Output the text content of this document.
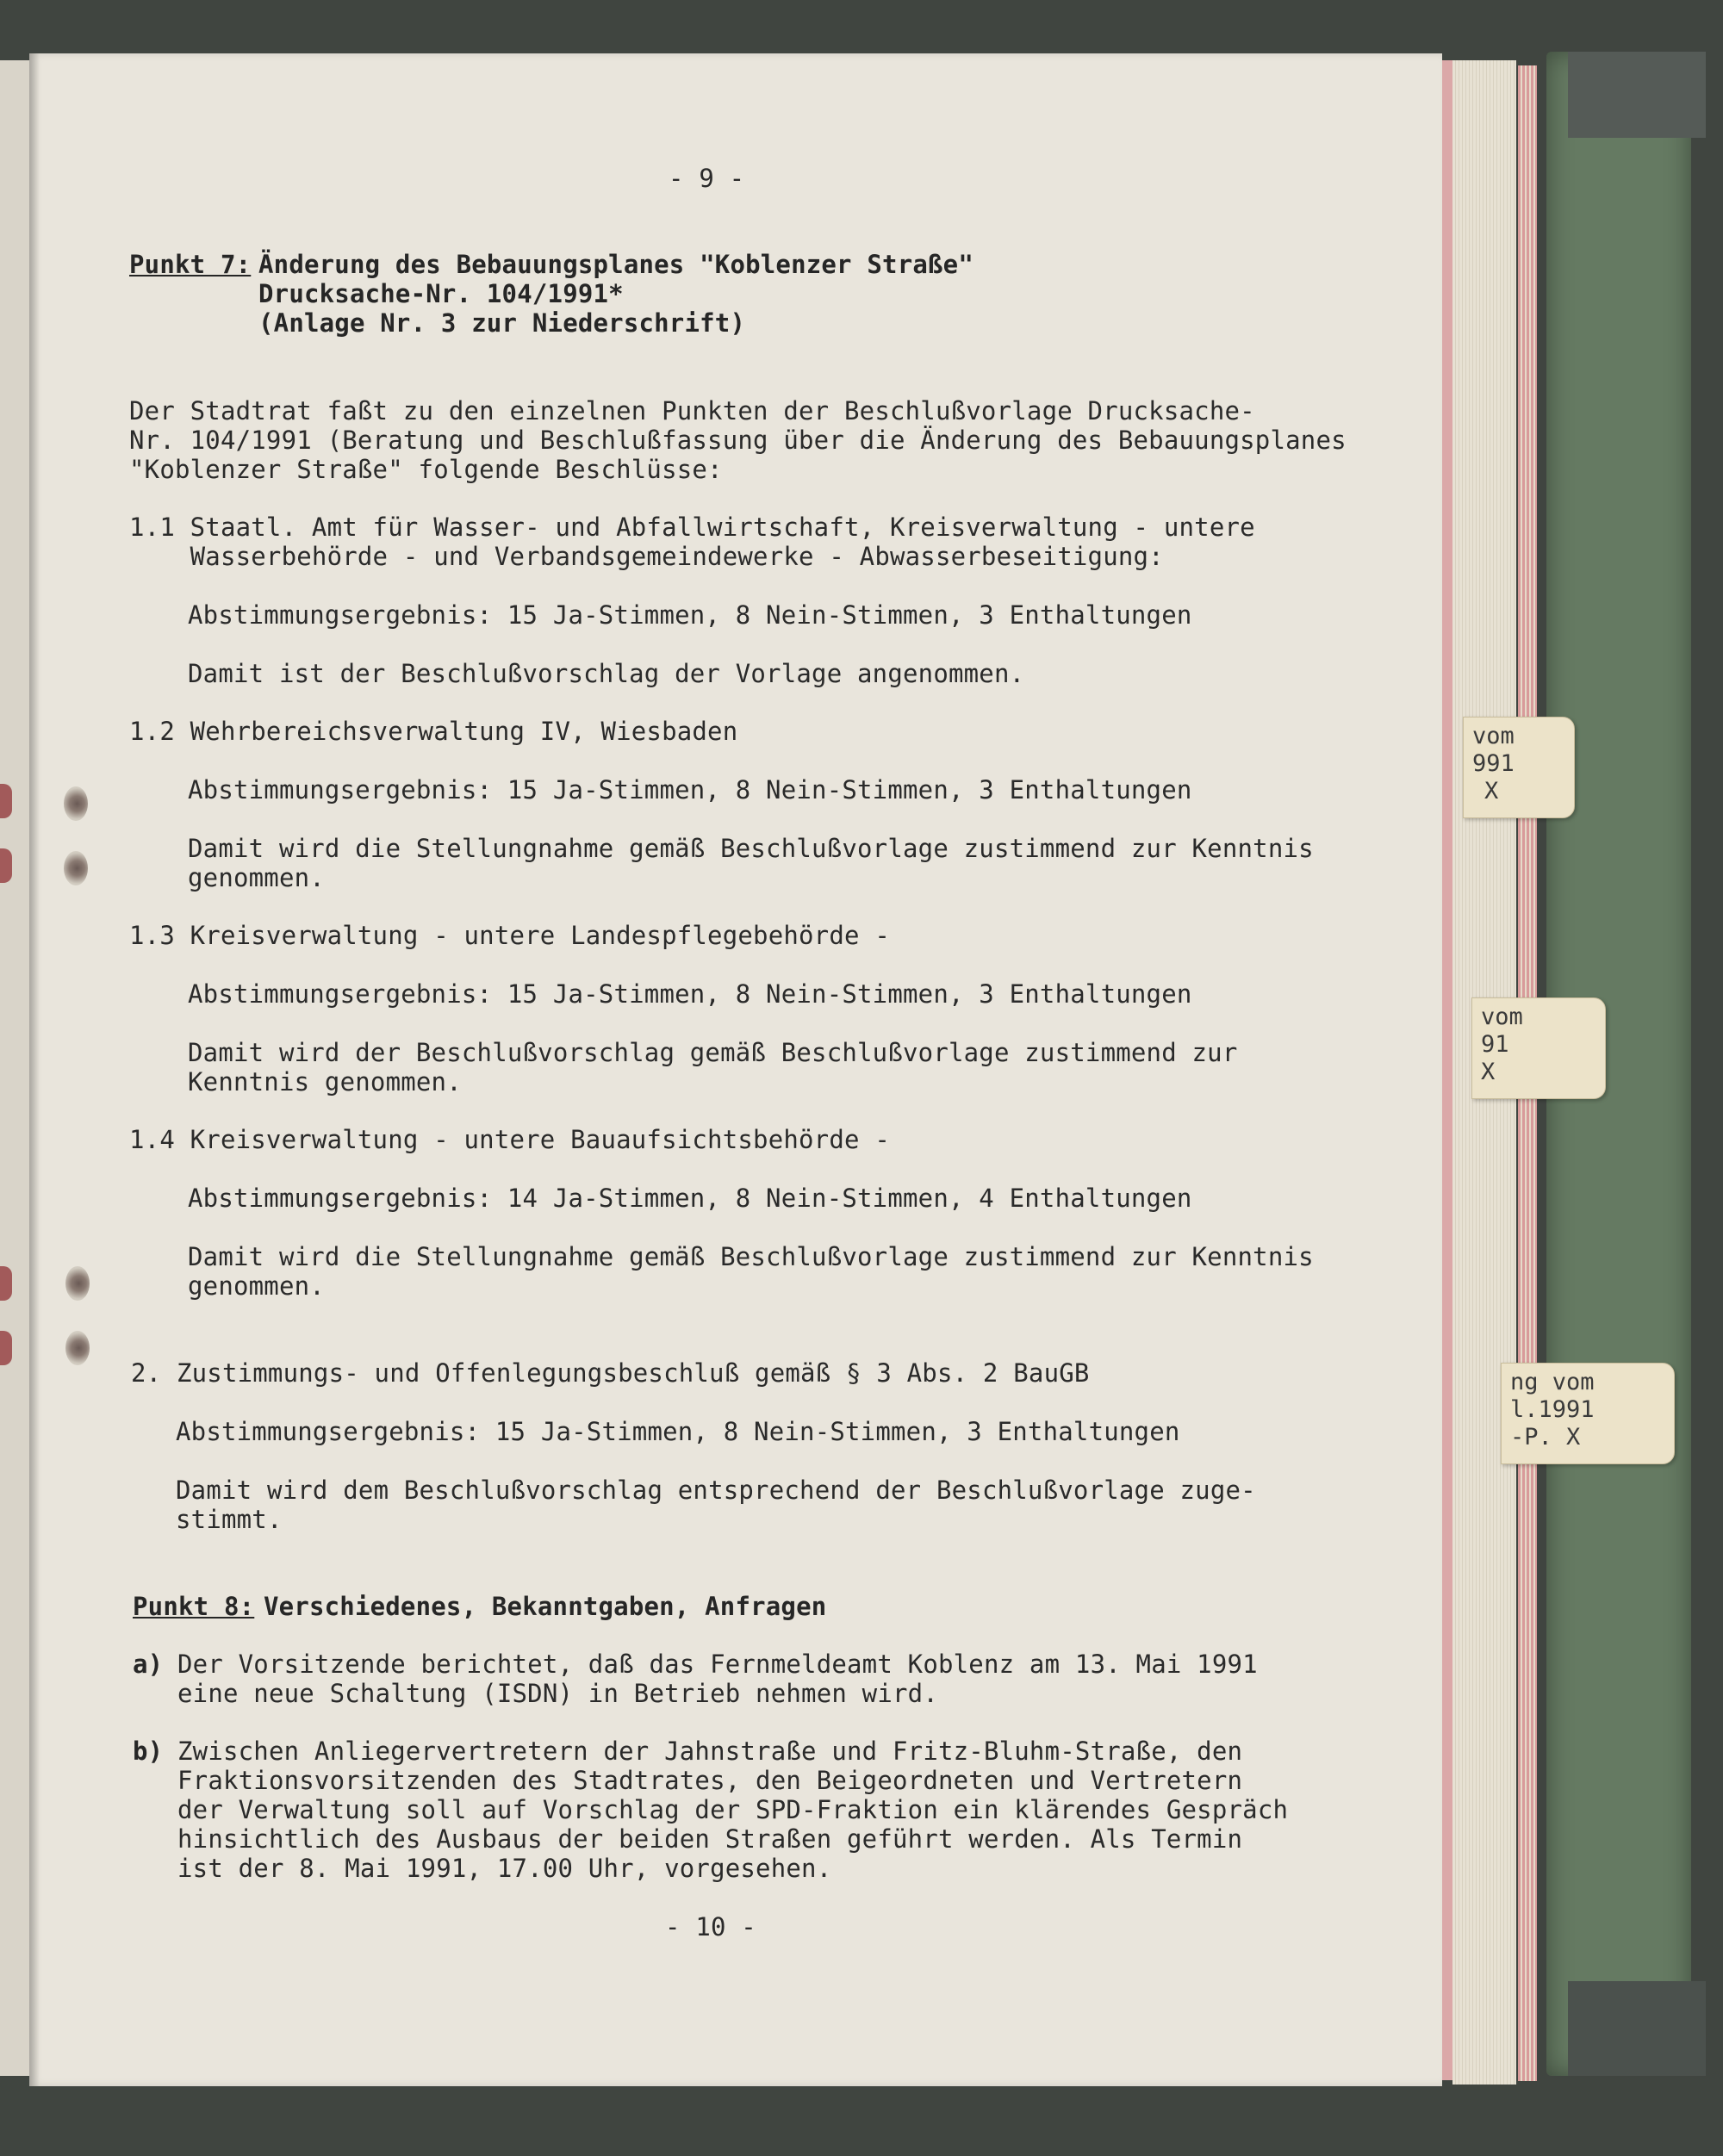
vom
991
X
vom
91
X
ng vom
l.1991
-P. X
- 9 -
Punkt 7: Änderung des Bebauungsplanes "Koblenzer Straße"
Drucksache-Nr. 104/1991*
(Anlage Nr. 3 zur Niederschrift)
Der Stadtrat faßt zu den einzelnen Punkten der Beschlußvorlage Drucksache-
Nr. 104/1991 (Beratung und Beschlußfassung über die Änderung des Bebauungsplanes
"Koblenzer Straße" folgende Beschlüsse:
1.1 Staatl. Amt für Wasser- und Abfallwirtschaft, Kreisverwaltung - untere
Wasserbehörde - und Verbandsgemeindewerke - Abwasserbeseitigung:
Abstimmungsergebnis: 15 Ja-Stimmen, 8 Nein-Stimmen, 3 Enthaltungen
Damit ist der Beschlußvorschlag der Vorlage angenommen.
1.2 Wehrbereichsverwaltung IV, Wiesbaden
Abstimmungsergebnis: 15 Ja-Stimmen, 8 Nein-Stimmen, 3 Enthaltungen
Damit wird die Stellungnahme gemäß Beschlußvorlage zustimmend zur Kenntnis
genommen.
1.3 Kreisverwaltung - untere Landespflegebehörde -
Abstimmungsergebnis: 15 Ja-Stimmen, 8 Nein-Stimmen, 3 Enthaltungen
Damit wird der Beschlußvorschlag gemäß Beschlußvorlage zustimmend zur
Kenntnis genommen.
1.4 Kreisverwaltung - untere Bauaufsichtsbehörde -
Abstimmungsergebnis: 14 Ja-Stimmen, 8 Nein-Stimmen, 4 Enthaltungen
Damit wird die Stellungnahme gemäß Beschlußvorlage zustimmend zur Kenntnis
genommen.
2. Zustimmungs- und Offenlegungsbeschluß gemäß § 3 Abs. 2 BauGB
Abstimmungsergebnis: 15 Ja-Stimmen, 8 Nein-Stimmen, 3 Enthaltungen
Damit wird dem Beschlußvorschlag entsprechend der Beschlußvorlage zuge-
stimmt.
Punkt 8: Verschiedenes, Bekanntgaben, Anfragen
a) Der Vorsitzende berichtet, daß das Fernmeldeamt Koblenz am 13. Mai 1991
eine neue Schaltung (ISDN) in Betrieb nehmen wird.
b) Zwischen Anliegervertretern der Jahnstraße und Fritz-Bluhm-Straße, den
Fraktionsvorsitzenden des Stadtrates, den Beigeordneten und Vertretern
der Verwaltung soll auf Vorschlag der SPD-Fraktion ein klärendes Gespräch
hinsichtlich des Ausbaus der beiden Straßen geführt werden. Als Termin
ist der 8. Mai 1991, 17.00 Uhr, vorgesehen.
- 10 -
